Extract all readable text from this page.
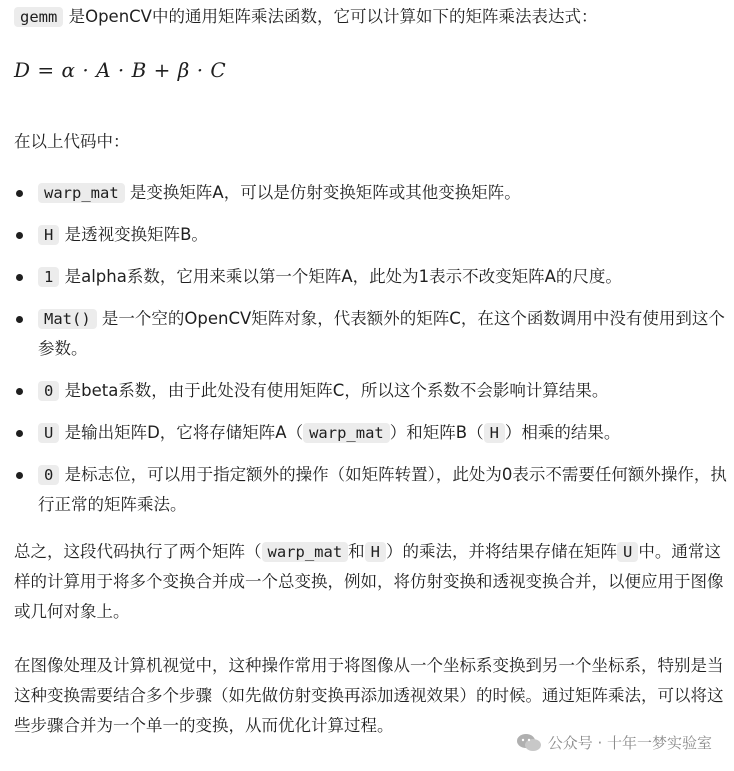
gemm 是OpenCV中的通用矩阵乘法函数，它可以计算如下的矩阵乘法表达式：

D = α · A · B + β · C

在以上代码中：

warp_mat 是变换矩阵A，可以是仿射变换矩阵或其他变换矩阵。
H 是透视变换矩阵B。
1 是alpha系数，它用来乘以第一个矩阵A，此处为1表示不改变矩阵A的尺度。
Mat() 是一个空的OpenCV矩阵对象，代表额外的矩阵C，在这个函数调用中没有使用到这个参数。
0 是beta系数，由于此处没有使用矩阵C，所以这个系数不会影响计算结果。
U 是输出矩阵D，它将存储矩阵A（ warp_mat ）和矩阵B（ H ）相乘的结果。
0 是标志位，可以用于指定额外的操作（如矩阵转置），此处为0表示不需要任何额外操作，执行正常的矩阵乘法。

总之，这段代码执行了两个矩阵（ warp_mat 和 H ）的乘法，并将结果存储在矩阵 U 中。通常这样的计算用于将多个变换合并成一个总变换，例如，将仿射变换和透视变换合并，以便应用于图像或几何对象上。

在图像处理及计算机视觉中，这种操作常用于将图像从一个坐标系变换到另一个坐标系，特别是当这种变换需要结合多个步骤（如先做仿射变换再添加透视效果）的时候。通过矩阵乘法，可以将这些步骤合并为一个单一的变换，从而优化计算过程。

公众号 · 十年一梦实验室
